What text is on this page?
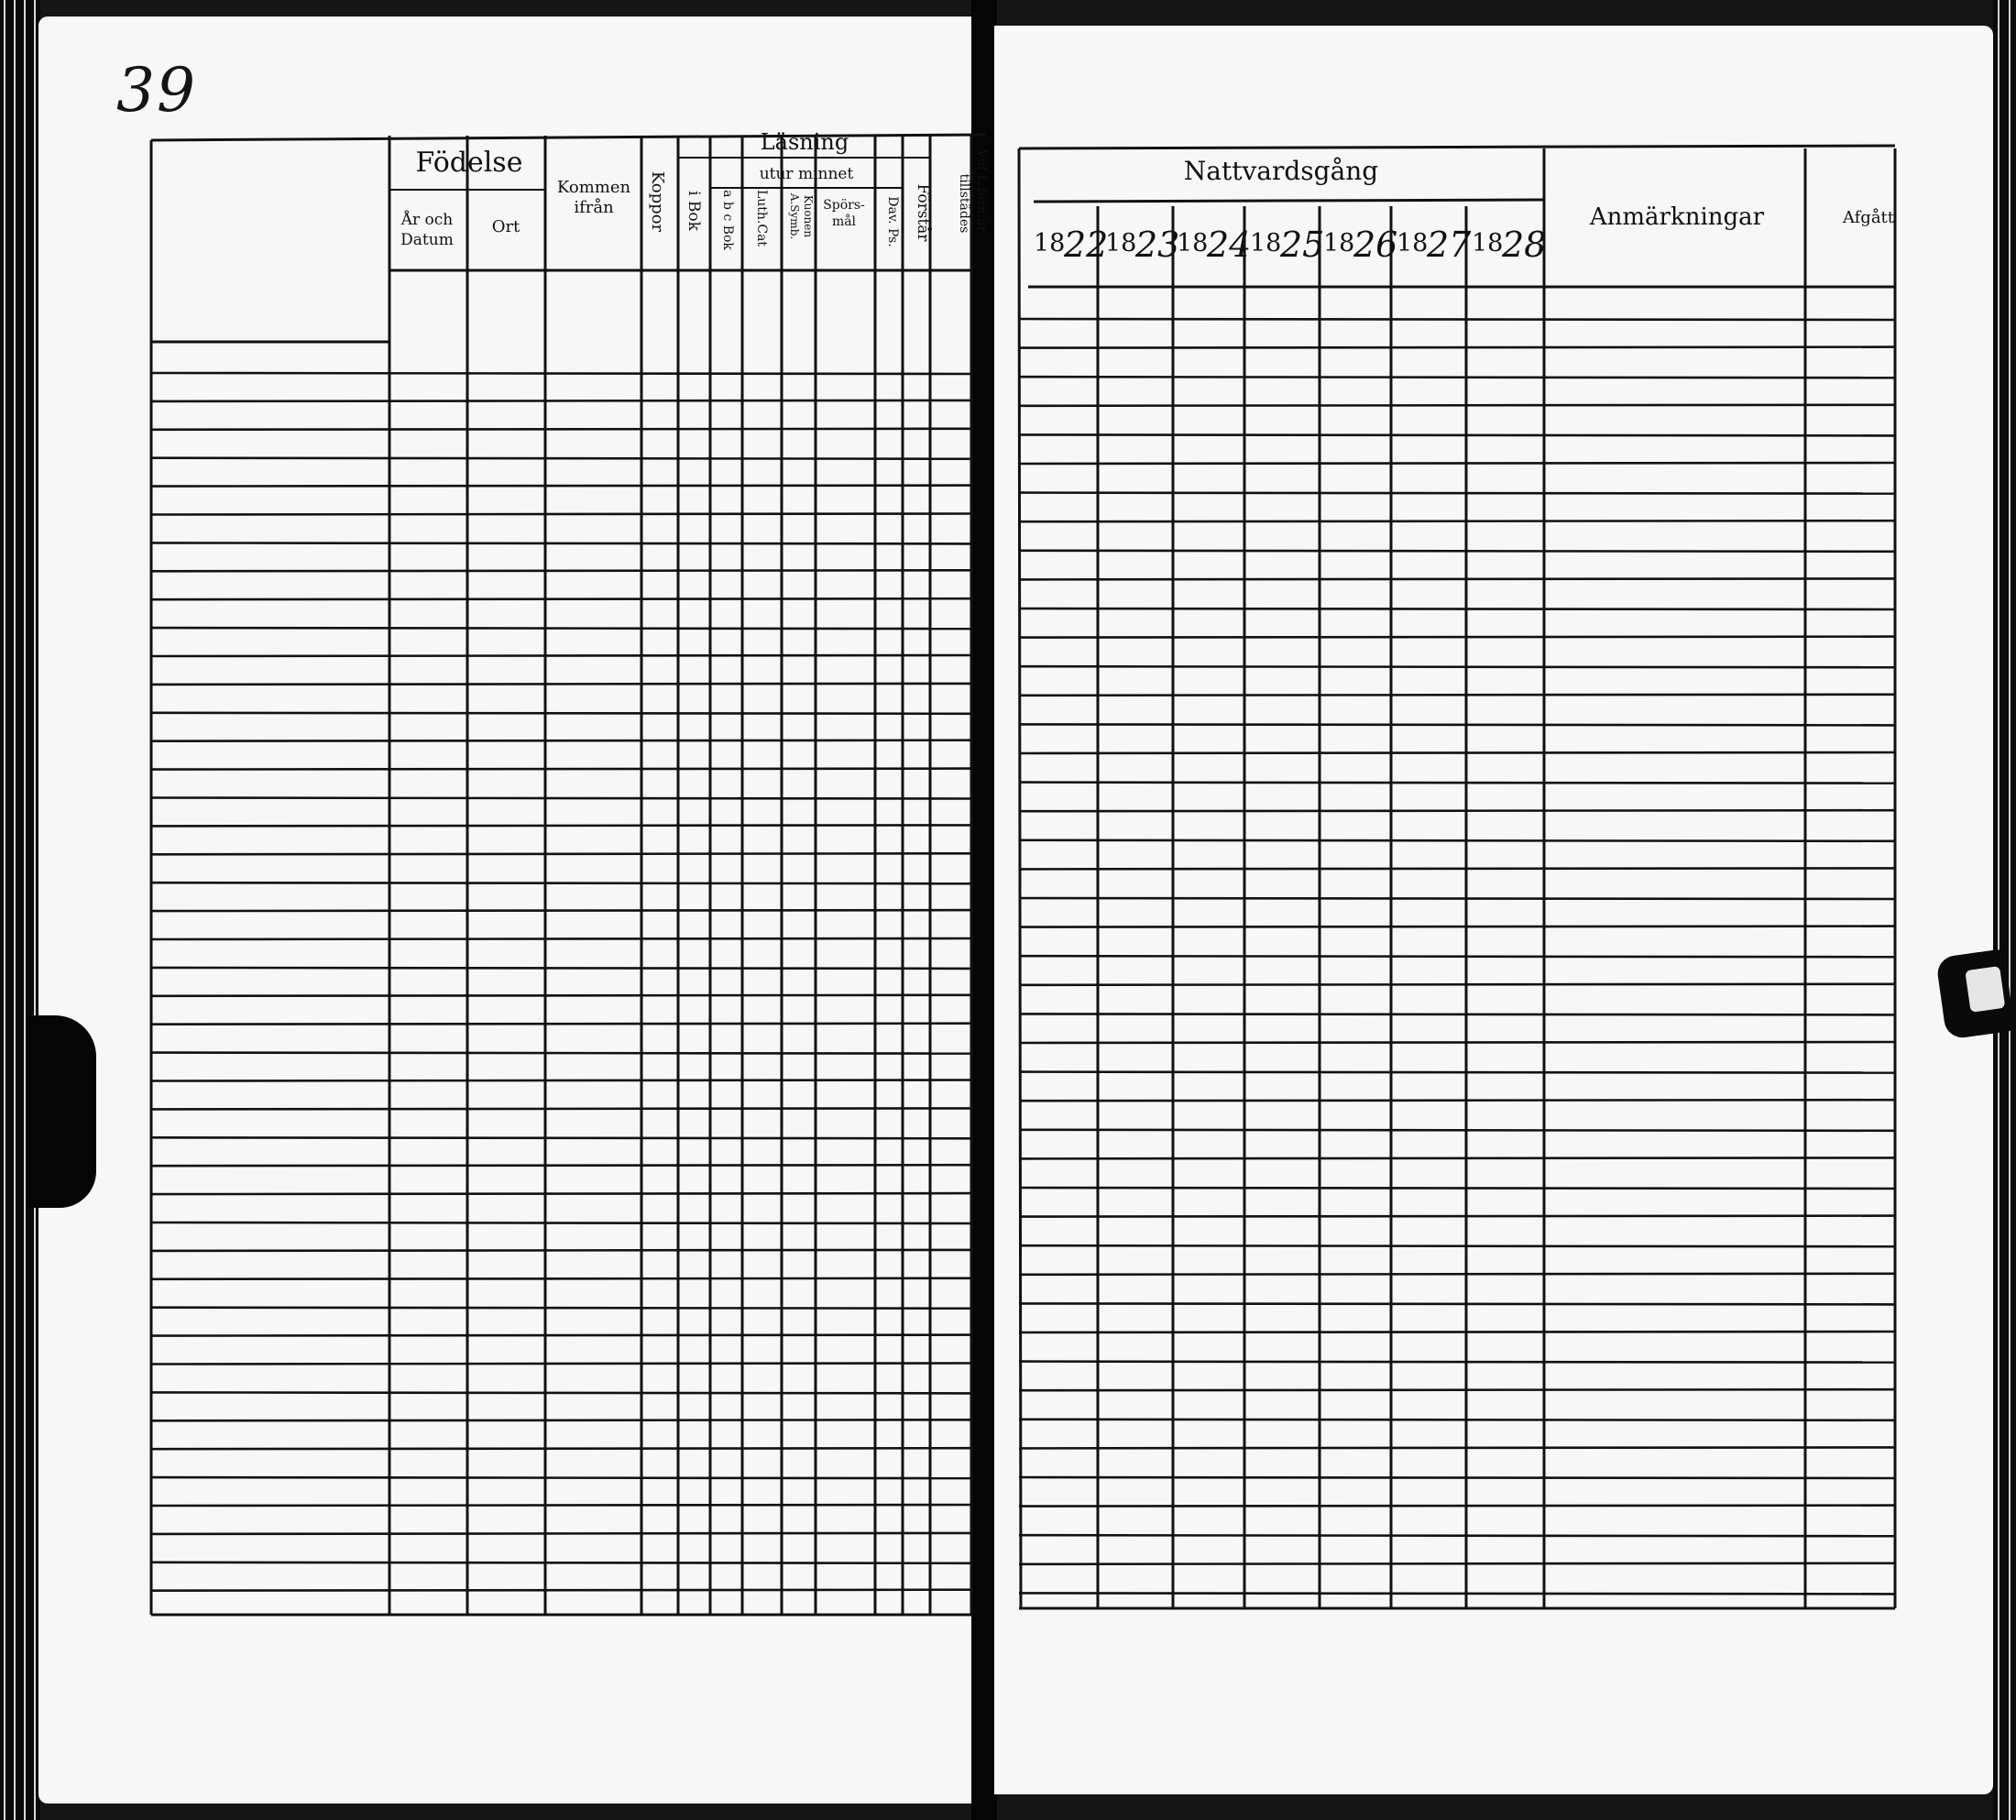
39
Födelse
År och
Datum
Ort
Kommen
ifrån Koppor
Läsning
utur minnet
i Bok a b c Bok Luth.Cat A.Symb. Kuonen Spörs-
mål Dav. Ps. Förstår	Vid L.förh.är
tillstädes
Nattvardsgång
Anmärkningar	Afgått
18
22
18
23
18
24
18
25
18
26
18
27 18
28
